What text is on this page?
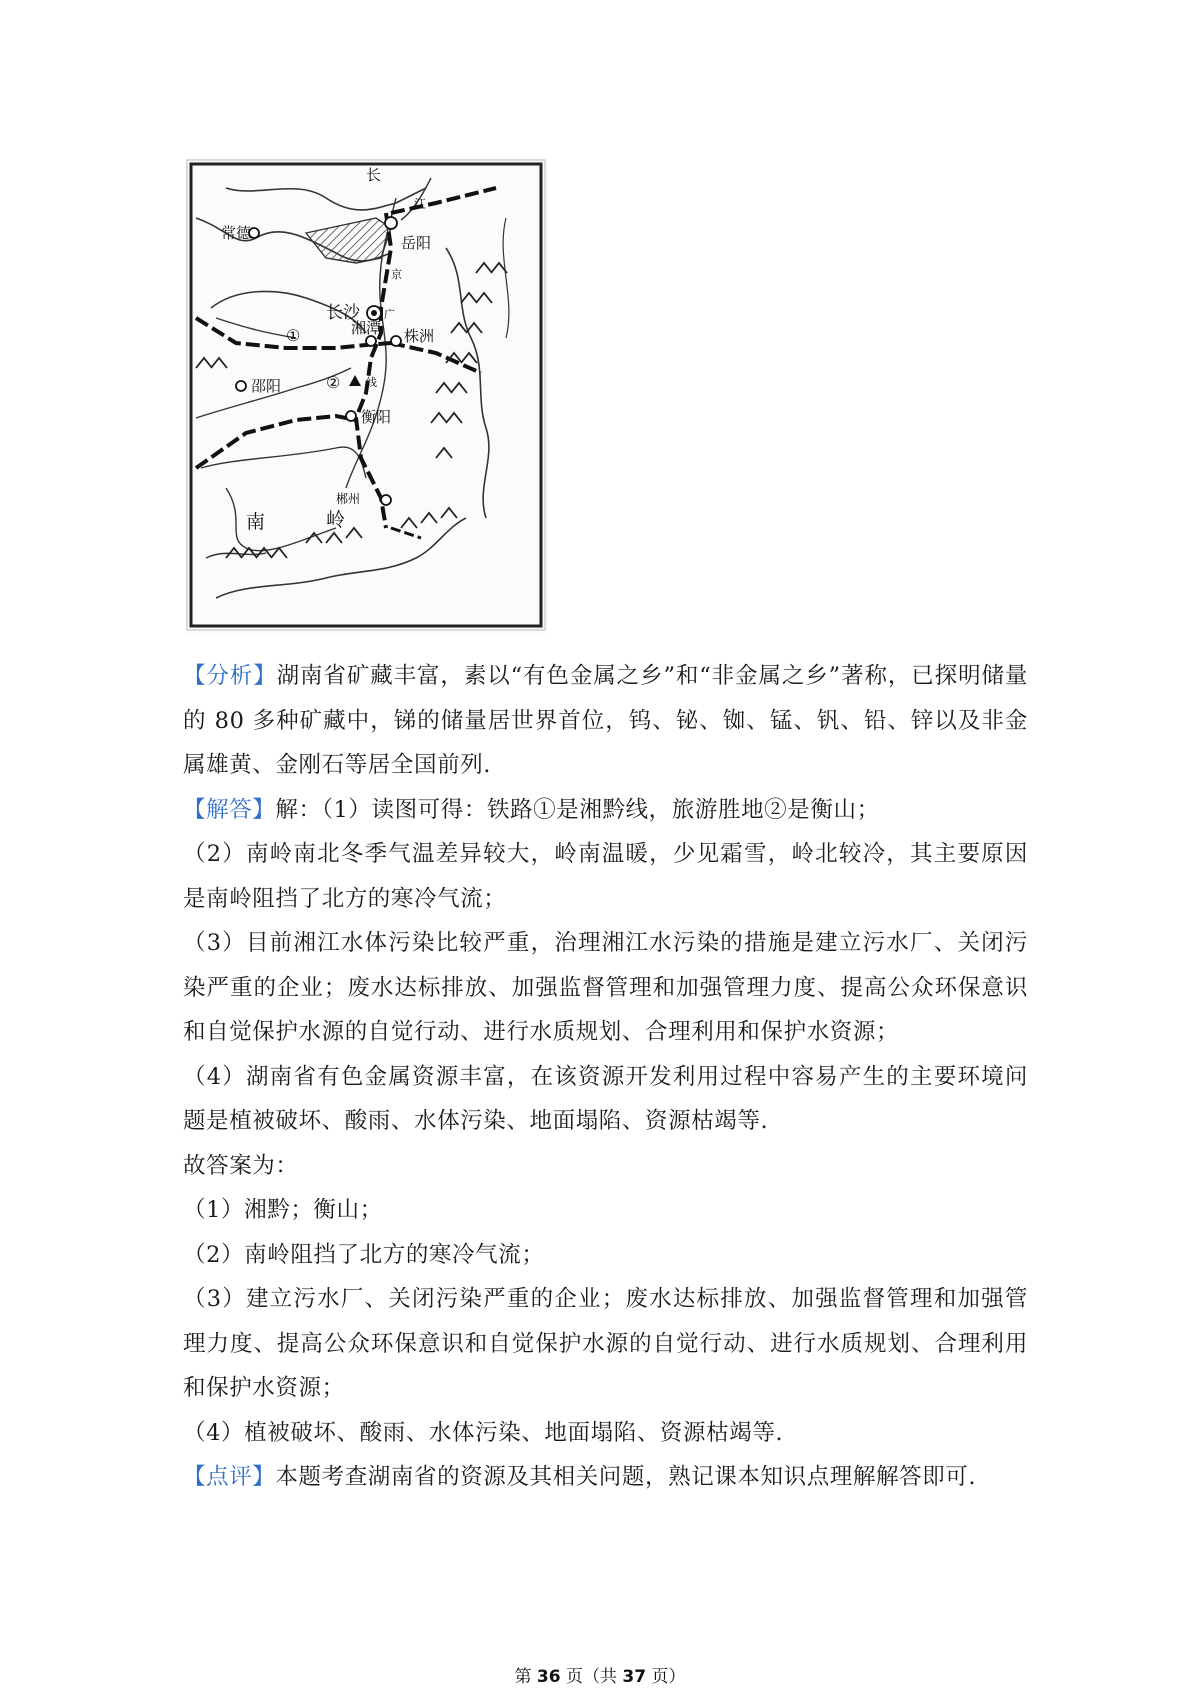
长
江
常德
岳阳
京
长沙 广
湘潭 株洲
①
邵阳	② 线
衡阳
郴州
南	岭

【分析】湖南省矿藏丰富，素以“有色金属之乡”和“非金属之乡”著称，已探明储量的 80 多种矿藏中，锑的储量居世界首位，钨、铋、铷、锰、钒、铅、锌以及非金属雄黄、金刚石等居全国前列.

【解答】解：（1）读图可得：铁路①是湘黔线，旅游胜地②是衡山；

（2）南岭南北冬季气温差异较大，岭南温暖，少见霜雪，岭北较冷，其主要原因是南岭阻挡了北方的寒冷气流；

（3）目前湘江水体污染比较严重，治理湘江水污染的措施是建立污水厂、关闭污染严重的企业；废水达标排放、加强监督管理和加强管理力度、提高公众环保意识和自觉保护水源的自觉行动、进行水质规划、合理利用和保护水资源；

（4）湖南省有色金属资源丰富，在该资源开发利用过程中容易产生的主要环境问题是植被破坏、酸雨、水体污染、地面塌陷、资源枯竭等.

故答案为：

（1）湘黔；衡山；

（2）南岭阻挡了北方的寒冷气流；

（3）建立污水厂、关闭污染严重的企业；废水达标排放、加强监督管理和加强管理力度、提高公众环保意识和自觉保护水源的自觉行动、进行水质规划、合理利用和保护水资源；

（4）植被破坏、酸雨、水体污染、地面塌陷、资源枯竭等.

【点评】本题考查湖南省的资源及其相关问题，熟记课本知识点理解解答即可.

第 36 页（共 37 页）
